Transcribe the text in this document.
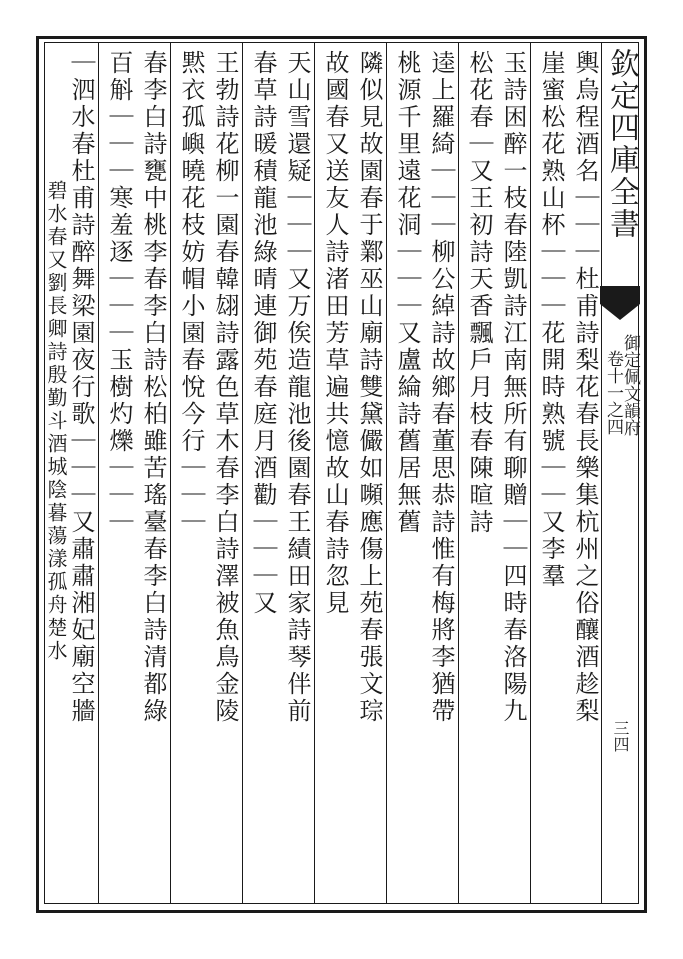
欽定四庫全書
御定佩文韻府
卷十一之四
三四
輿烏程酒名｜｜｜杜甫詩梨花春長樂集杭州之俗釀酒趁梨
崖蜜松花熟山杯｜｜｜花開時熟號｜｜又李羣
玉詩困醉一枝春陸凱詩江南無所有聊贈｜｜四時春洛陽九
松花春｜又王初詩天香飄戶月枝春陳暄詩
逵上羅綺｜｜｜柳公綽詩故鄉春董思恭詩惟有梅將李猶帶
桃源千里遠花洞｜｜｜又盧綸詩舊居無舊
隣似見故園春于鄴巫山廟詩雙黛儼如嚬應傷上苑春張文琮
故國春又送友人詩渚田芳草遍共憶故山春詩忽見
天山雪還疑｜｜｜又万俟造龍池後園春王績田家詩琴伴前
春草詩暖積龍池綠晴連御苑春庭月酒勸｜｜｜又
王勃詩花柳一園春韓翃詩露色草木春李白詩澤被魚鳥金陵
黙衣孤嶼曉花枝妨帽小園春悅今行｜｜｜
春李白詩甕中桃李春李白詩松柏雖苦瑤臺春李白詩清都綠
百斛｜｜｜寒羞逐｜｜｜玉樹灼爍｜｜｜
｜泗水春杜甫詩醉舞梁園夜行歌｜｜｜又肅肅湘妃廟空牆
碧水春又劉長卿詩殷勤斗酒城陰暮蕩漾孤舟楚水
